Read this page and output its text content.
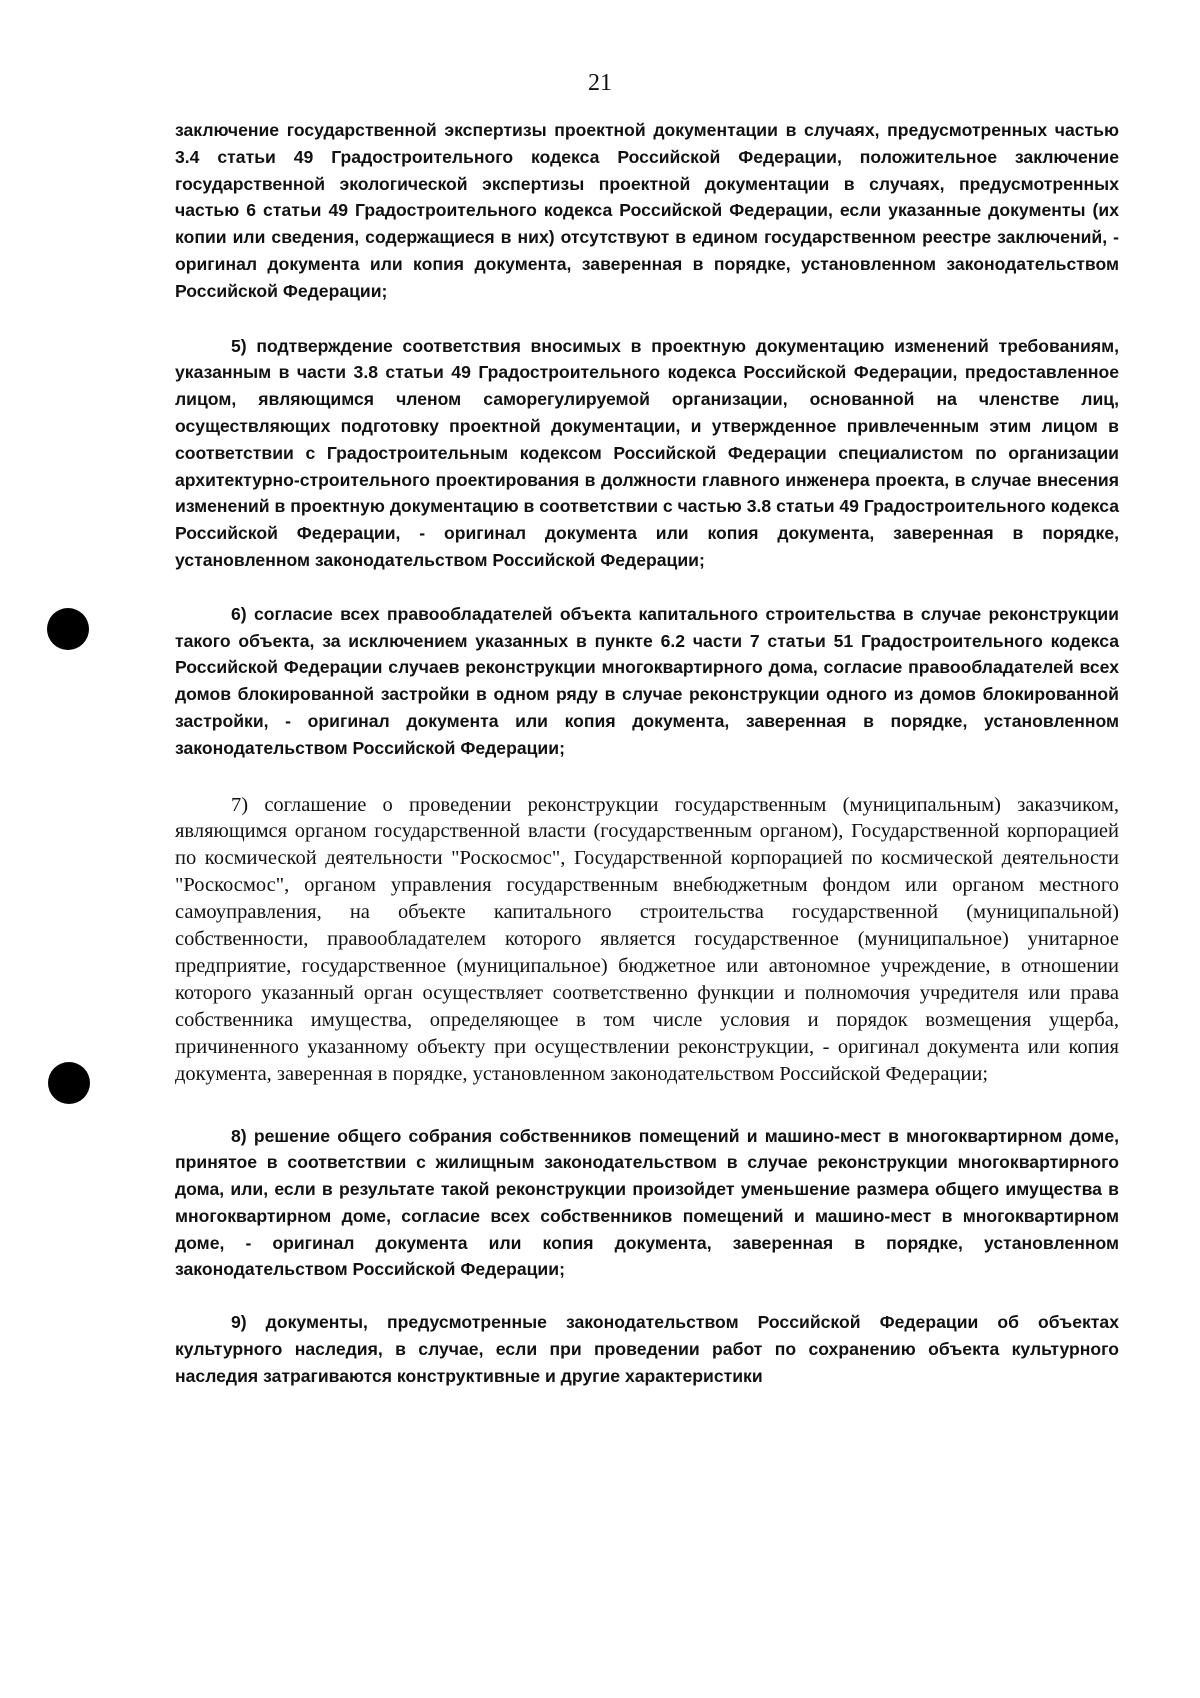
21

заключение государственной экспертизы проектной документации в случаях, предусмотренных частью 3.4 статьи 49 Градостроительного кодекса Российской Федерации, положительное заключение государственной экологической экспертизы проектной документации в случаях, предусмотренных частью 6 статьи 49 Градостроительного кодекса Российской Федерации, если указанные документы (их копии или сведения, содержащиеся в них) отсутствуют в едином государственном реестре заключений, - оригинал документа или копия документа, заверенная в порядке, установленном законодательством Российской Федерации;

5) подтверждение соответствия вносимых в проектную документацию изменений требованиям, указанным в части 3.8 статьи 49 Градостроительного кодекса Российской Федерации, предоставленное лицом, являющимся членом саморегулируемой организации, основанной на членстве лиц, осуществляющих подготовку проектной документации, и утвержденное привлеченным этим лицом в соответствии с Градостроительным кодексом Российской Федерации специалистом по организации архитектурно-строительного проектирования в должности главного инженера проекта, в случае внесения изменений в проектную документацию в соответствии с частью 3.8 статьи 49 Градостроительного кодекса Российской Федерации, - оригинал документа или копия документа, заверенная в порядке, установленном законодательством Российской Федерации;

6) согласие всех правообладателей объекта капитального строительства в случае реконструкции такого объекта, за исключением указанных в пункте 6.2 части 7 статьи 51 Градостроительного кодекса Российской Федерации случаев реконструкции многоквартирного дома, согласие правообладателей всех домов блокированной застройки в одном ряду в случае реконструкции одного из домов блокированной застройки, - оригинал документа или копия документа, заверенная в порядке, установленном законодательством Российской Федерации;

7) соглашение о проведении реконструкции государственным (муниципальным) заказчиком, являющимся органом государственной власти (государственным органом), Государственной корпорацией по космической деятельности "Роскосмос", Государственной корпорацией по космической деятельности "Роскосмос", органом управления государственным внебюджетным фондом или органом местного самоуправления, на объекте капитального строительства государственной (муниципальной) собственности, правообладателем которого является государственное (муниципальное) унитарное предприятие, государственное (муниципальное) бюджетное или автономное учреждение, в отношении которого указанный орган осуществляет соответственно функции и полномочия учредителя или права собственника имущества, определяющее в том числе условия и порядок возмещения ущерба, причиненного указанному объекту при осуществлении реконструкции, - оригинал документа или копия документа, заверенная в порядке, установленном законодательством Российской Федерации;

8) решение общего собрания собственников помещений и машино-мест в многоквартирном доме, принятое в соответствии с жилищным законодательством в случае реконструкции многоквартирного дома, или, если в результате такой реконструкции произойдет уменьшение размера общего имущества в многоквартирном доме, согласие всех собственников помещений и машино-мест в многоквартирном доме, - оригинал документа или копия документа, заверенная в порядке, установленном законодательством Российской Федерации;

9) документы, предусмотренные законодательством Российской Федерации об объектах культурного наследия, в случае, если при проведении работ по сохранению объекта культурного наследия затрагиваются конструктивные и другие характеристики
